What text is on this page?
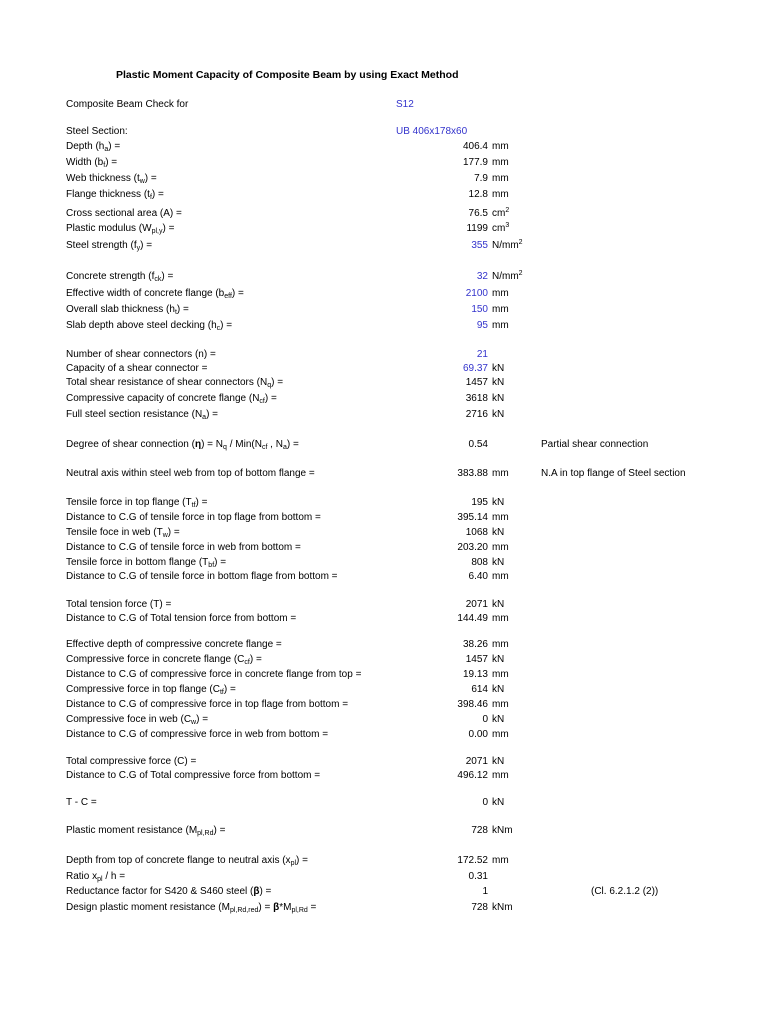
Plastic Moment Capacity of Composite Beam by using Exact Method
Composite Beam Check for	S12
Steel Section:	UB 406x178x60
Depth $(h_a)$ =	406.4 mm
Width $(b_f)$ =	177.9 mm
Web thickness $(t_w)$ =	7.9 mm
Flange thickness $(t_f)$ =	12.8 mm
Cross sectional area (A) =	76.5 $cm^2$
Plastic modulus $(W_{pl,y})$ =	1199 $cm^3$
Steel strength $(f_y)$ =	355 $N/mm^2$
Concrete strength $(f_{ck})$ =	32 $N/mm^2$
Effective width of concrete flange $(b_{eff})$ =	2100 mm
Overall slab thickness $(h_t)$ =	150 mm
Slab depth above steel decking $(h_c)$ =	95 mm
Number of shear connectors (n) =	21
Capacity of a shear connector =	69.37 kN
Total shear resistance of shear connectors $(N_q)$ =	1457 kN
Compressive capacity of concrete flange $(N_{cf})$ =	3618 kN
Full steel section resistance $(N_a)$ =	2716 kN
Degree of shear connection $(\eta) = N_q / Min(N_{cf}$ , $N_a$) =	0.54	Partial shear connection
Neutral axis within steel web from top of bottom flange =	383.88 mm	N.A in top flange of Steel section
Tensile force in top flange $(T_{tf})$ =	195 kN
Distance to C.G of tensile force in top flage from bottom =	395.14 mm
Tensile foce in web $(T_w)$ =	1068 kN
Distance to C.G of tensile force in web from bottom =	203.20 mm
Tensile force in bottom flange $(T_{bf})$ =	808 kN
Distance to C.G of tensile force in bottom flage from bottom =	6.40 mm
Total tension force (T) =	2071 kN
Distance to C.G of Total tension force from bottom =	144.49 mm
Effective depth of compressive concrete flange =	38.26 mm
Compressive force in concrete flange $(C_{cf})$ =	1457 kN
Distance to C.G of compressive force in concrete flange from top =	19.13 mm
Compressive force in top flange $(C_{tf})$ =	614 kN
Distance to C.G of compressive force in top flage from bottom =	398.46 mm
Compressive foce in web $(C_w)$ =	0 kN
Distance to C.G of compressive force in web from bottom =	0.00 mm
Total compressive force (C) =	2071 kN
Distance to C.G of Total compressive force from bottom =	496.12 mm
T - C =	0 kN
Plastic moment resistance $(M_{pl,Rd})$ =	728 kNm
Depth from top of concrete flange to neutral axis $(x_{pl})$ =	172.52 mm
Ratio $x_{pl}$ / h =	0.31
Reductance factor for S420 & S460 steel (β) =	1	(Cl. 6.2.1.2 (2))
Design plastic moment resistance $(M_{pl,Rd,red}) = \beta*M_{pl,Rd}$ =	728 kNm
